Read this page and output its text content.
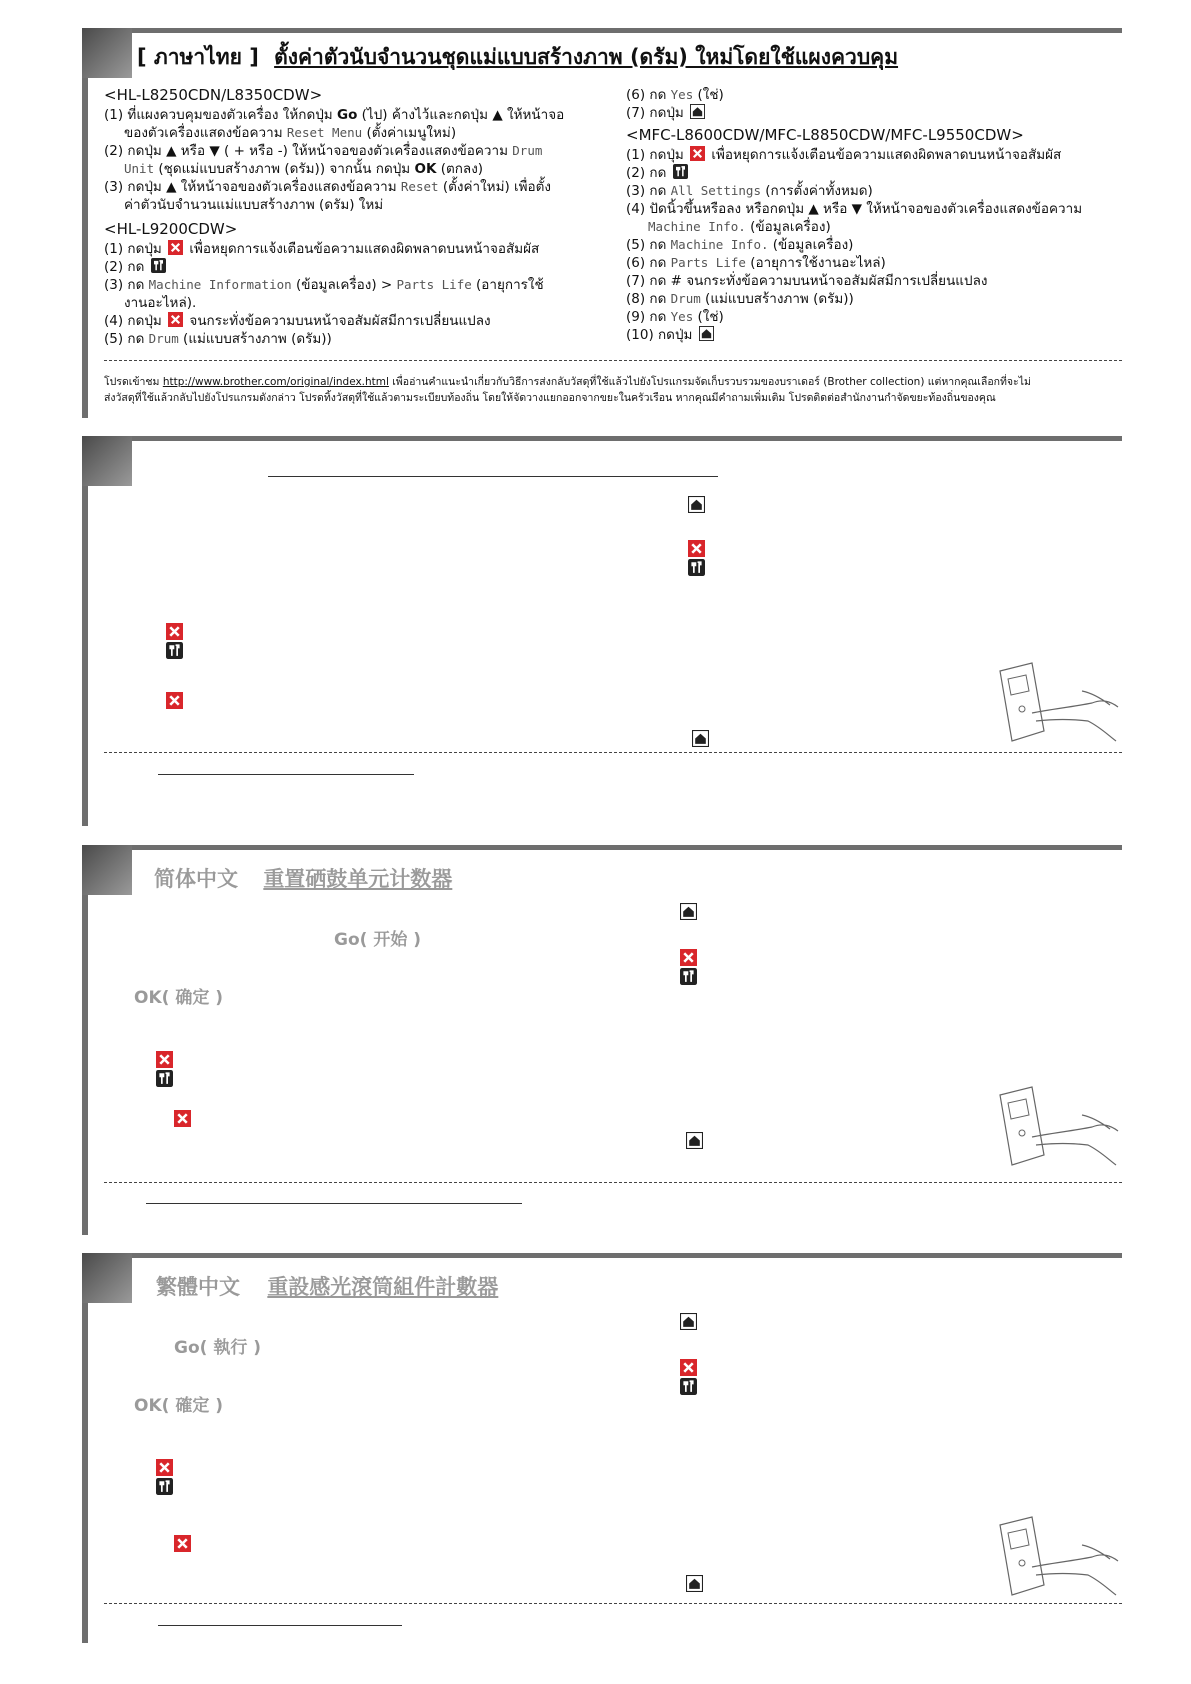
[ ภาษาไทย ] ตั้งค่าตัวนับจำนวนชุดแม่แบบสร้างภาพ (ดรัม) ใหม่โดยใช้แผงควบคุม
<HL-L8250CDN/L8350CDW>
(1) ที่แผงควบคุมของตัวเครื่อง ให้กดปุ่ม Go (ไป) ค้างไว้และกดปุ่ม ▲ ให้หน้าจอ
ของตัวเครื่องแสดงข้อความ Reset Menu (ตั้งค่าเมนูใหม่)
(2) กดปุ่ม ▲ หรือ ▼ ( + หรือ -) ให้หน้าจอของตัวเครื่องแสดงข้อความ Drum
Unit (ชุดแม่แบบสร้างภาพ (ดรัม)) จากนั้น กดปุ่ม OK (ตกลง)
(3) กดปุ่ม ▲ ให้หน้าจอของตัวเครื่องแสดงข้อความ Reset (ตั้งค่าใหม่) เพื่อตั้ง
ค่าตัวนับจำนวนแม่แบบสร้างภาพ (ดรัม) ใหม่
<HL-L9200CDW>
(1) กดปุ่ม  เพื่อหยุดการแจ้งเตือนข้อความแสดงผิดพลาดบนหน้าจอสัมผัส
(2) กด
(3) กด Machine Information (ข้อมูลเครื่อง) > Parts Life (อายุการใช้
งานอะไหล่).
(4) กดปุ่ม  จนกระทั่งข้อความบนหน้าจอสัมผัสมีการเปลี่ยนแปลง
(5) กด Drum (แม่แบบสร้างภาพ (ดรัม))
(6) กด Yes (ใช่)
(7) กดปุ่ม
<MFC-L8600CDW/MFC-L8850CDW/MFC-L9550CDW>
(1) กดปุ่ม  เพื่อหยุดการแจ้งเตือนข้อความแสดงผิดพลาดบนหน้าจอสัมผัส
(2) กด
(3) กด All Settings (การตั้งค่าทั้งหมด)
(4) ปัดนิ้วขึ้นหรือลง หรือกดปุ่ม ▲ หรือ ▼ ให้หน้าจอของตัวเครื่องแสดงข้อความ
Machine Info. (ข้อมูลเครื่อง)
(5) กด Machine Info. (ข้อมูลเครื่อง)
(6) กด Parts Life (อายุการใช้งานอะไหล่)
(7) กด # จนกระทั่งข้อความบนหน้าจอสัมผัสมีการเปลี่ยนแปลง
(8) กด Drum (แม่แบบสร้างภาพ (ดรัม))
(9) กด Yes (ใช่)
(10) กดปุ่ม
โปรดเข้าชม http://www.brother.com/original/index.html เพื่ออ่านคำแนะนำเกี่ยวกับวิธีการส่งกลับวัสดุที่ใช้แล้วไปยังโปรแกรมจัดเก็บรวบรวมของบราเดอร์ (Brother collection) แต่หากคุณเลือกที่จะไม่
ส่งวัสดุที่ใช้แล้วกลับไปยังโปรแกรมดังกล่าว โปรดทิ้งวัสดุที่ใช้แล้วตามระเบียบท้องถิ่น โดยให้จัดวางแยกออกจากขยะในครัวเรือน หากคุณมีคำถามเพิ่มเติม โปรดติดต่อสำนักงานกำจัดขยะท้องถิ่นของคุณ
简体中文 重置硒鼓单元计数器
Go( 开始 )
OK( 确定 )
繁體中文 重設感光滾筒組件計數器
Go( 執行 )
OK( 確定 )
